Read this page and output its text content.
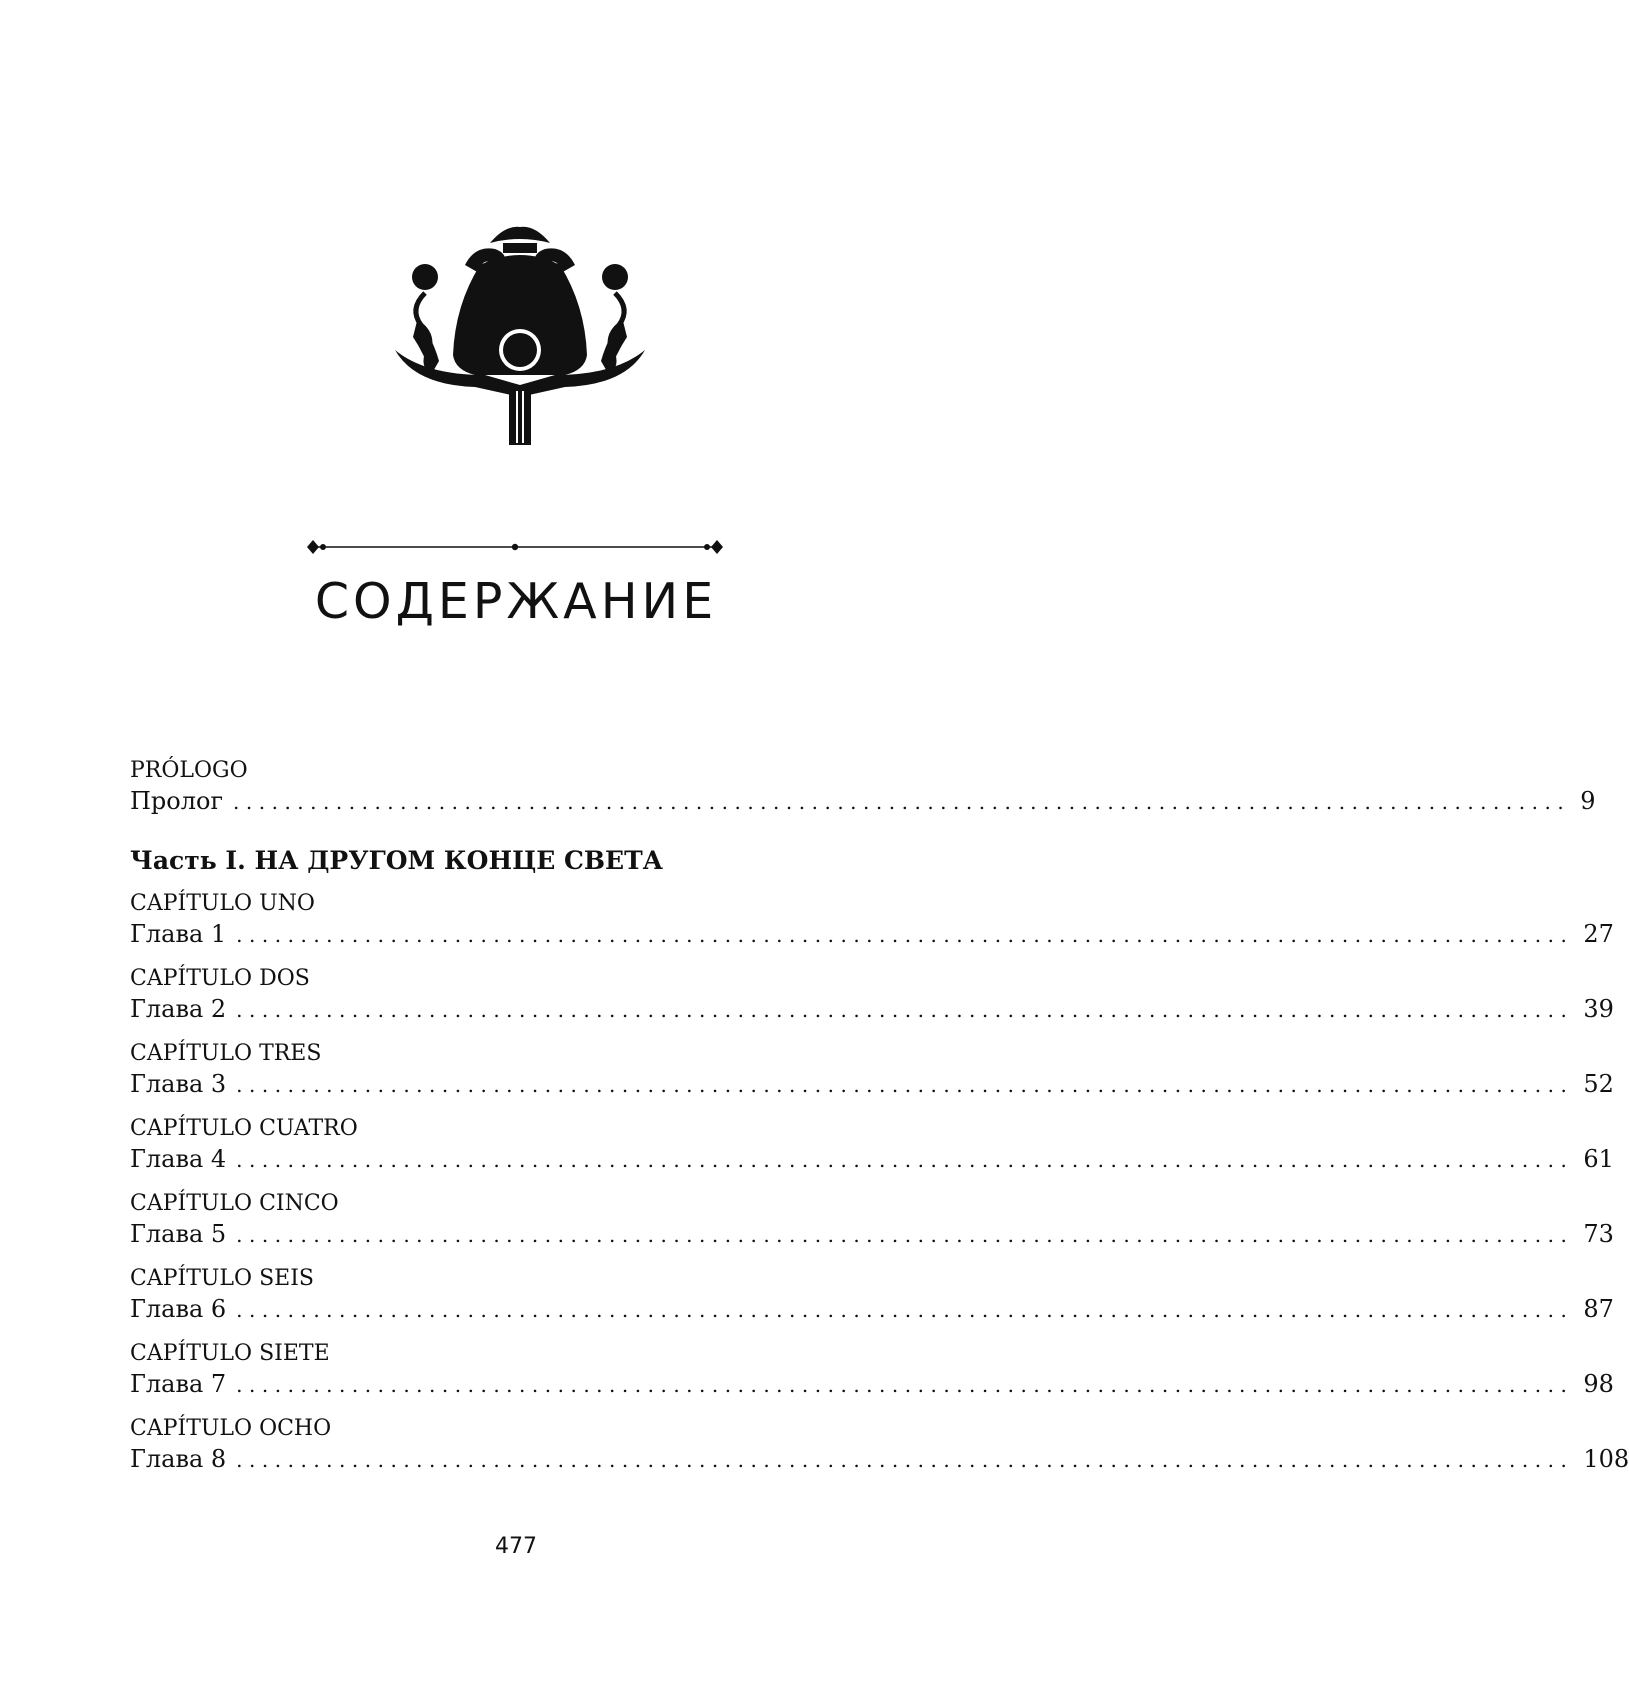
СОДЕРЖАНИЕ
PRÓLOGO
Пролог ........................................................................................................ 9
Часть I. НА ДРУГОМ КОНЦЕ СВЕТА
CAPÍTULO UNO
Глава 1 ........................................................................................................ 27
CAPÍTULO DOS
Глава 2 ........................................................................................................ 39
CAPÍTULO TRES
Глава 3 ........................................................................................................ 52
CAPÍTULO CUATRO
Глава 4 ........................................................................................................ 61
CAPÍTULO CINCO
Глава 5 ........................................................................................................ 73
CAPÍTULO SEIS
Глава 6 ........................................................................................................ 87
CAPÍTULO SIETE
Глава 7 ........................................................................................................ 98
CAPÍTULO OCHO
Глава 8 ........................................................................................................ 108
477
